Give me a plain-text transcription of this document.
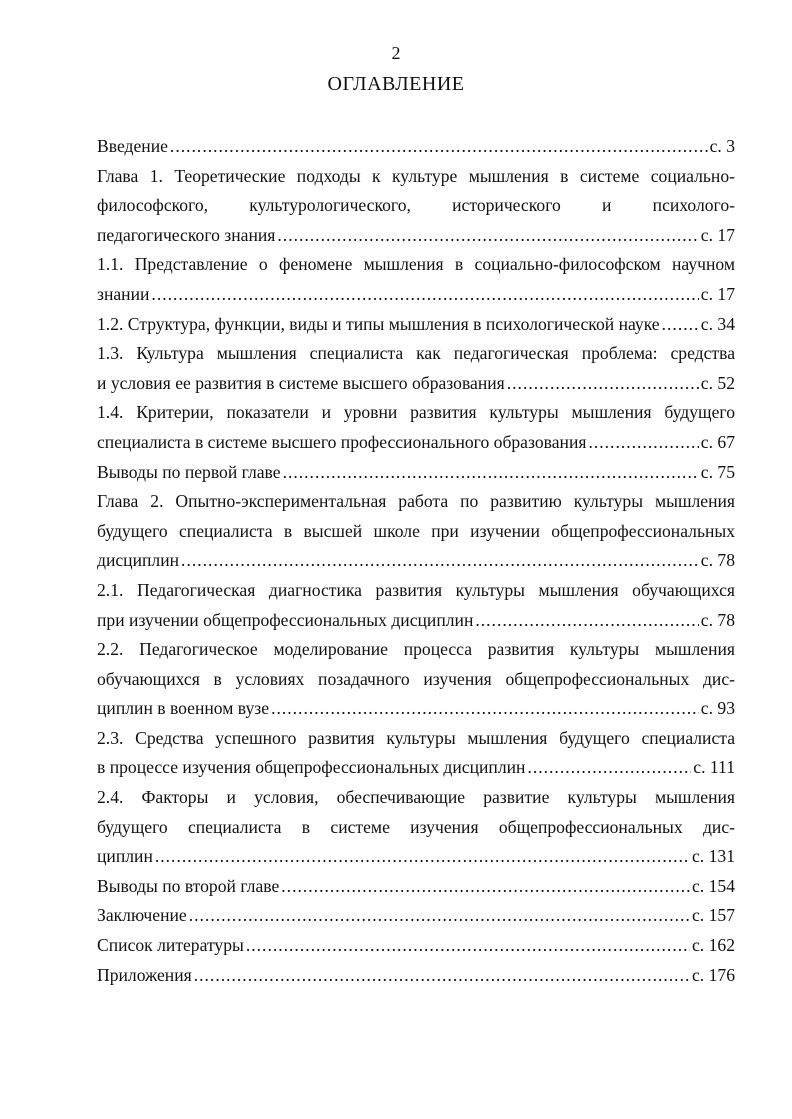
2
ОГЛАВЛЕНИЕ
Введение .....	с. 3
Глава 1. Теоретические подходы к культуре мышления в системе социально-
философского, культурологического, исторического и психолого-
педагогического знания .....	с. 17
1.1. Представление о феномене мышления в социально-философском научном
знании .....	с. 17
1.2. Структура, функции, виды и типы мышления в психологической науке ..... с. 34
1.3. Культура мышления специалиста как педагогическая проблема: средства
и условия ее развития в системе высшего образования .....	с. 52
1.4. Критерии, показатели и уровни развития культуры мышления будущего
специалиста в системе высшего профессионального образования .....	с. 67
Выводы по первой главе .....	с. 75
Глава 2. Опытно-экспериментальная работа по развитию культуры мышления
будущего специалиста в высшей школе при изучении общепрофессиональных
дисциплин .....	с. 78
2.1. Педагогическая диагностика развития культуры мышления обучающихся
при изучении общепрофессиональных дисциплин .....	с. 78
2.2. Педагогическое моделирование процесса развития культуры мышления
обучающихся в условиях позадачного изучения общепрофессиональных дис-
циплин в военном вузе .....	с. 93
2.3. Средства успешного развития культуры мышления будущего специалиста
в процессе изучения общепрофессиональных дисциплин .....	с. 111
2.4. Факторы и условия, обеспечивающие развитие культуры мышления
будущего специалиста в системе изучения общепрофессиональных дис-
циплин .....	с. 131
Выводы по второй главе .....	с. 154
Заключение .....	с. 157
Список литературы .....	с. 162
Приложения .....	с. 176
